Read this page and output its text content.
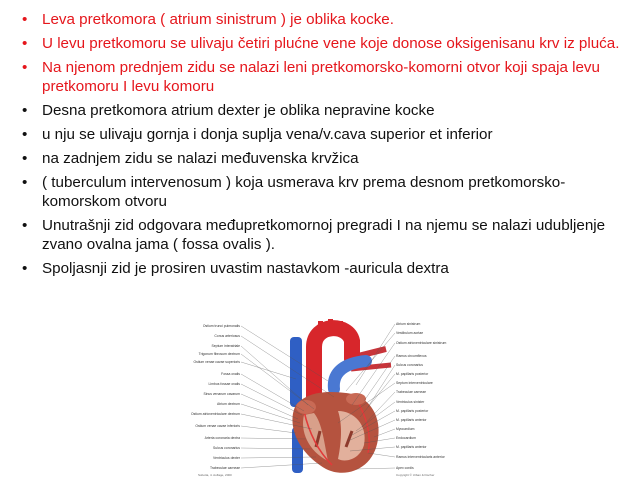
• Leva pretkomora ( atrium sinistrum ) je oblika kocke.
• U levu pretkomoru se ulivaju četiri plućne vene koje donose oksigenisanu krv iz pluća.
• Na njenom prednjem zidu se nalazi leni pretkomorsko-komorni otvor koji spaja levu pretkomoru I levu komoru
• Desna pretkomora atrium dexter je oblika nepravine kocke
• u nju se ulivaju gornja i donja suplja vena/v.cava superior et inferior
• na zadnjem zidu se nalazi međuvenska krvžica
• ( tuberculum intervenosum ) koja usmerava krv prema desnom pretkomorsko-komorskom otvoru
• Unutrašnji zid odgovara međupretkomornoj pregradi I na njemu se nalazi udubljenje zvano ovalna jama ( fossa ovalis ).
• Spoljasnji zid je prosiren uvastim nastavkom -auricula dextra
Ostium trunci pulmonalis
Conus arteriosus
Septum interatriale
Trigonum fibrosum dextrum
Ostium venae cavae superioris
Fossa ovalis
Limbus fossae ovalis
Sinus venarum cavarum
Atrium dextrum
Ostium atrioventriculare dextrum
Ostium venae cavae inferioris
Arteria coronaria dextra
Sulcus coronarius
Ventriculus dexter
Trabeculae carneae
Atrium sinistrum
Vestibulum aortae
Ostium atrioventriculare sinistrum
Ramus circumflexus
Sulcus coronarius
M. papillaris posterior
Septum interventriculare
Trabeculae carneae
Ventriculus sinister
M. papillaris posterior
M. papillaris anterior
Myocardium
Endocardium
M. papillaris anterior
Ramus interventricularis anterior
Apex cordis
Sobotta, 4. Auflage, 2000	Copyright © Urban & Fischer
